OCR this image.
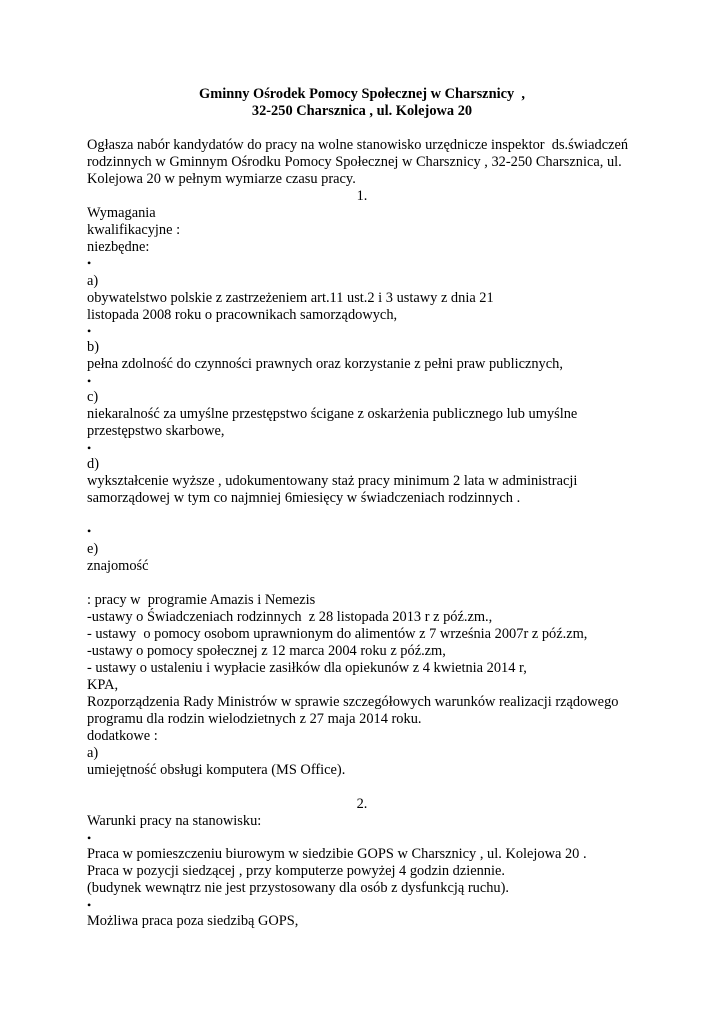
Gminny Ośrodek Pomocy Społecznej w Charsznicy  ,
32-250 Charsznica , ul. Kolejowa 20
Ogłasza nabór kandydatów do pracy na wolne stanowisko urzędnicze inspektor  ds.świadczeń
rodzinnych w Gminnym Ośrodku Pomocy Społecznej w Charsznicy , 32-250 Charsznica, ul.
Kolejowa 20 w pełnym wymiarze czasu pracy.
1.
Wymagania
kwalifikacyjne :
niezbędne:
•
a)
obywatelstwo polskie z zastrzeżeniem art.11 ust.2 i 3 ustawy z dnia 21
listopada 2008 roku o pracownikach samorządowych,
•
b)
pełna zdolność do czynności prawnych oraz korzystanie z pełni praw publicznych,
•
c)
niekaralność za umyślne przestępstwo ścigane z oskarżenia publicznego lub umyślne
przestępstwo skarbowe,
•
d)
wykształcenie wyższe , udokumentowany staż pracy minimum 2 lata w administracji
samorządowej w tym co najmniej 6miesięcy w świadczeniach rodzinnych .
•
e)
znajomość
: pracy w  programie Amazis i Nemezis
-ustawy o Świadczeniach rodzinnych  z 28 listopada 2013 r z póź.zm.,
- ustawy  o pomocy osobom uprawnionym do alimentów z 7 września 2007r z póź.zm,
-ustawy o pomocy społecznej z 12 marca 2004 roku z póź.zm,
- ustawy o ustaleniu i wypłacie zasiłków dla opiekunów z 4 kwietnia 2014 r,
KPA,
Rozporządzenia Rady Ministrów w sprawie szczegółowych warunków realizacji rządowego
programu dla rodzin wielodzietnych z 27 maja 2014 roku.
dodatkowe :
a)
umiejętność obsługi komputera (MS Office).
2.
Warunki pracy na stanowisku:
•
Praca w pomieszczeniu biurowym w siedzibie GOPS w Charsznicy , ul. Kolejowa 20 .
Praca w pozycji siedzącej , przy komputerze powyżej 4 godzin dziennie.
(budynek wewnątrz nie jest przystosowany dla osób z dysfunkcją ruchu).
•
Możliwa praca poza siedzibą GOPS,
